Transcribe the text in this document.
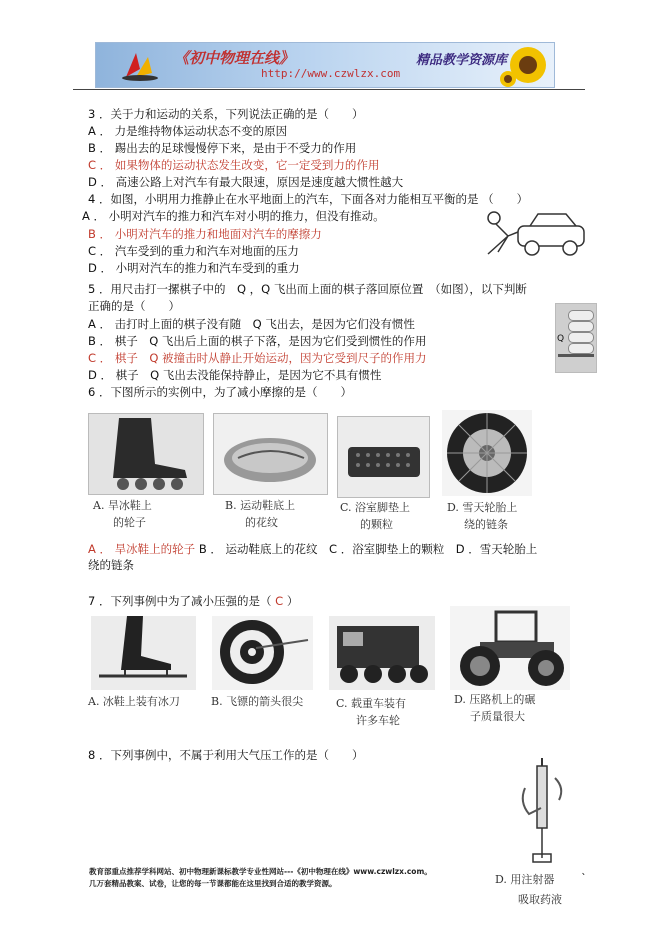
《初中物理在线》	精品教学资源库
http://www.czwlzx.com
3 ．关于力和运动的关系，下列说法正确的是（　　）
A ． 力是维持物体运动状态不变的原因
B ． 踢出去的足球慢慢停下来，是由于不受力的作用
C ． 如果物体的运动状态发生改变，它一定受到力的作用
D ． 高速公路上对汽车有最大限速，原因是速度越大惯性越大
4 ．如图，小明用力推静止在水平地面上的汽车，下面各对力能相互平衡的是 （　　）
A ． 小明对汽车的推力和汽车对小明的推力，但没有推动。
B ． 小明对汽车的推力和地面对汽车的摩擦力
C ． 汽车受到的重力和汽车对地面的压力
D ． 小明对汽车的推力和汽车受到的重力
5 ．用尺击打一摞棋子中的　Q ，Q 飞出而上面的棋子落回原位置　（如图），以下判断
正确的是（　　）
A ． 击打时上面的棋子没有随　Q 飞出去，是因为它们没有惯性
B ． 棋子　Q 飞出后上面的棋子下落，是因为它们受到惯性的作用
C ． 棋子　Q 被撞击时从静止开始运动，因为它受到尺子的作用力
D ． 棋子　Q 飞出去没能保持静止，是因为它不具有惯性
Q
6 ．下图所示的实例中，为了减小摩擦的是（　　）
A. 旱冰鞋上
的轮子
B. 运动鞋底上
的花纹
C. 浴室脚垫上
的颗粒
D. 雪天轮胎上
绕的链条
A ． 旱冰鞋上的轮子 B ． 运动鞋底上的花纹　C ．浴室脚垫上的颗粒　D ．雪天轮胎上
绕的链条
7 ．下列事例中为了减小压强的是（ C ）
A. 冰鞋上装有冰刀	B. 飞镖的箭头很尖	C. 载重车装有
许多车轮
D. 压路机上的碾
子质量很大
8 ．下列事例中，不属于利用大气压工作的是（　　）
D. 用注射器
吸取药液
教育部重点推荐学科网站、初中物理新课标教学专业性网站---《初中物理在线》www.czwlzx.com。	、
几万套精品教案、试卷，让您的每一节课都能在这里找到合适的教学资源。
